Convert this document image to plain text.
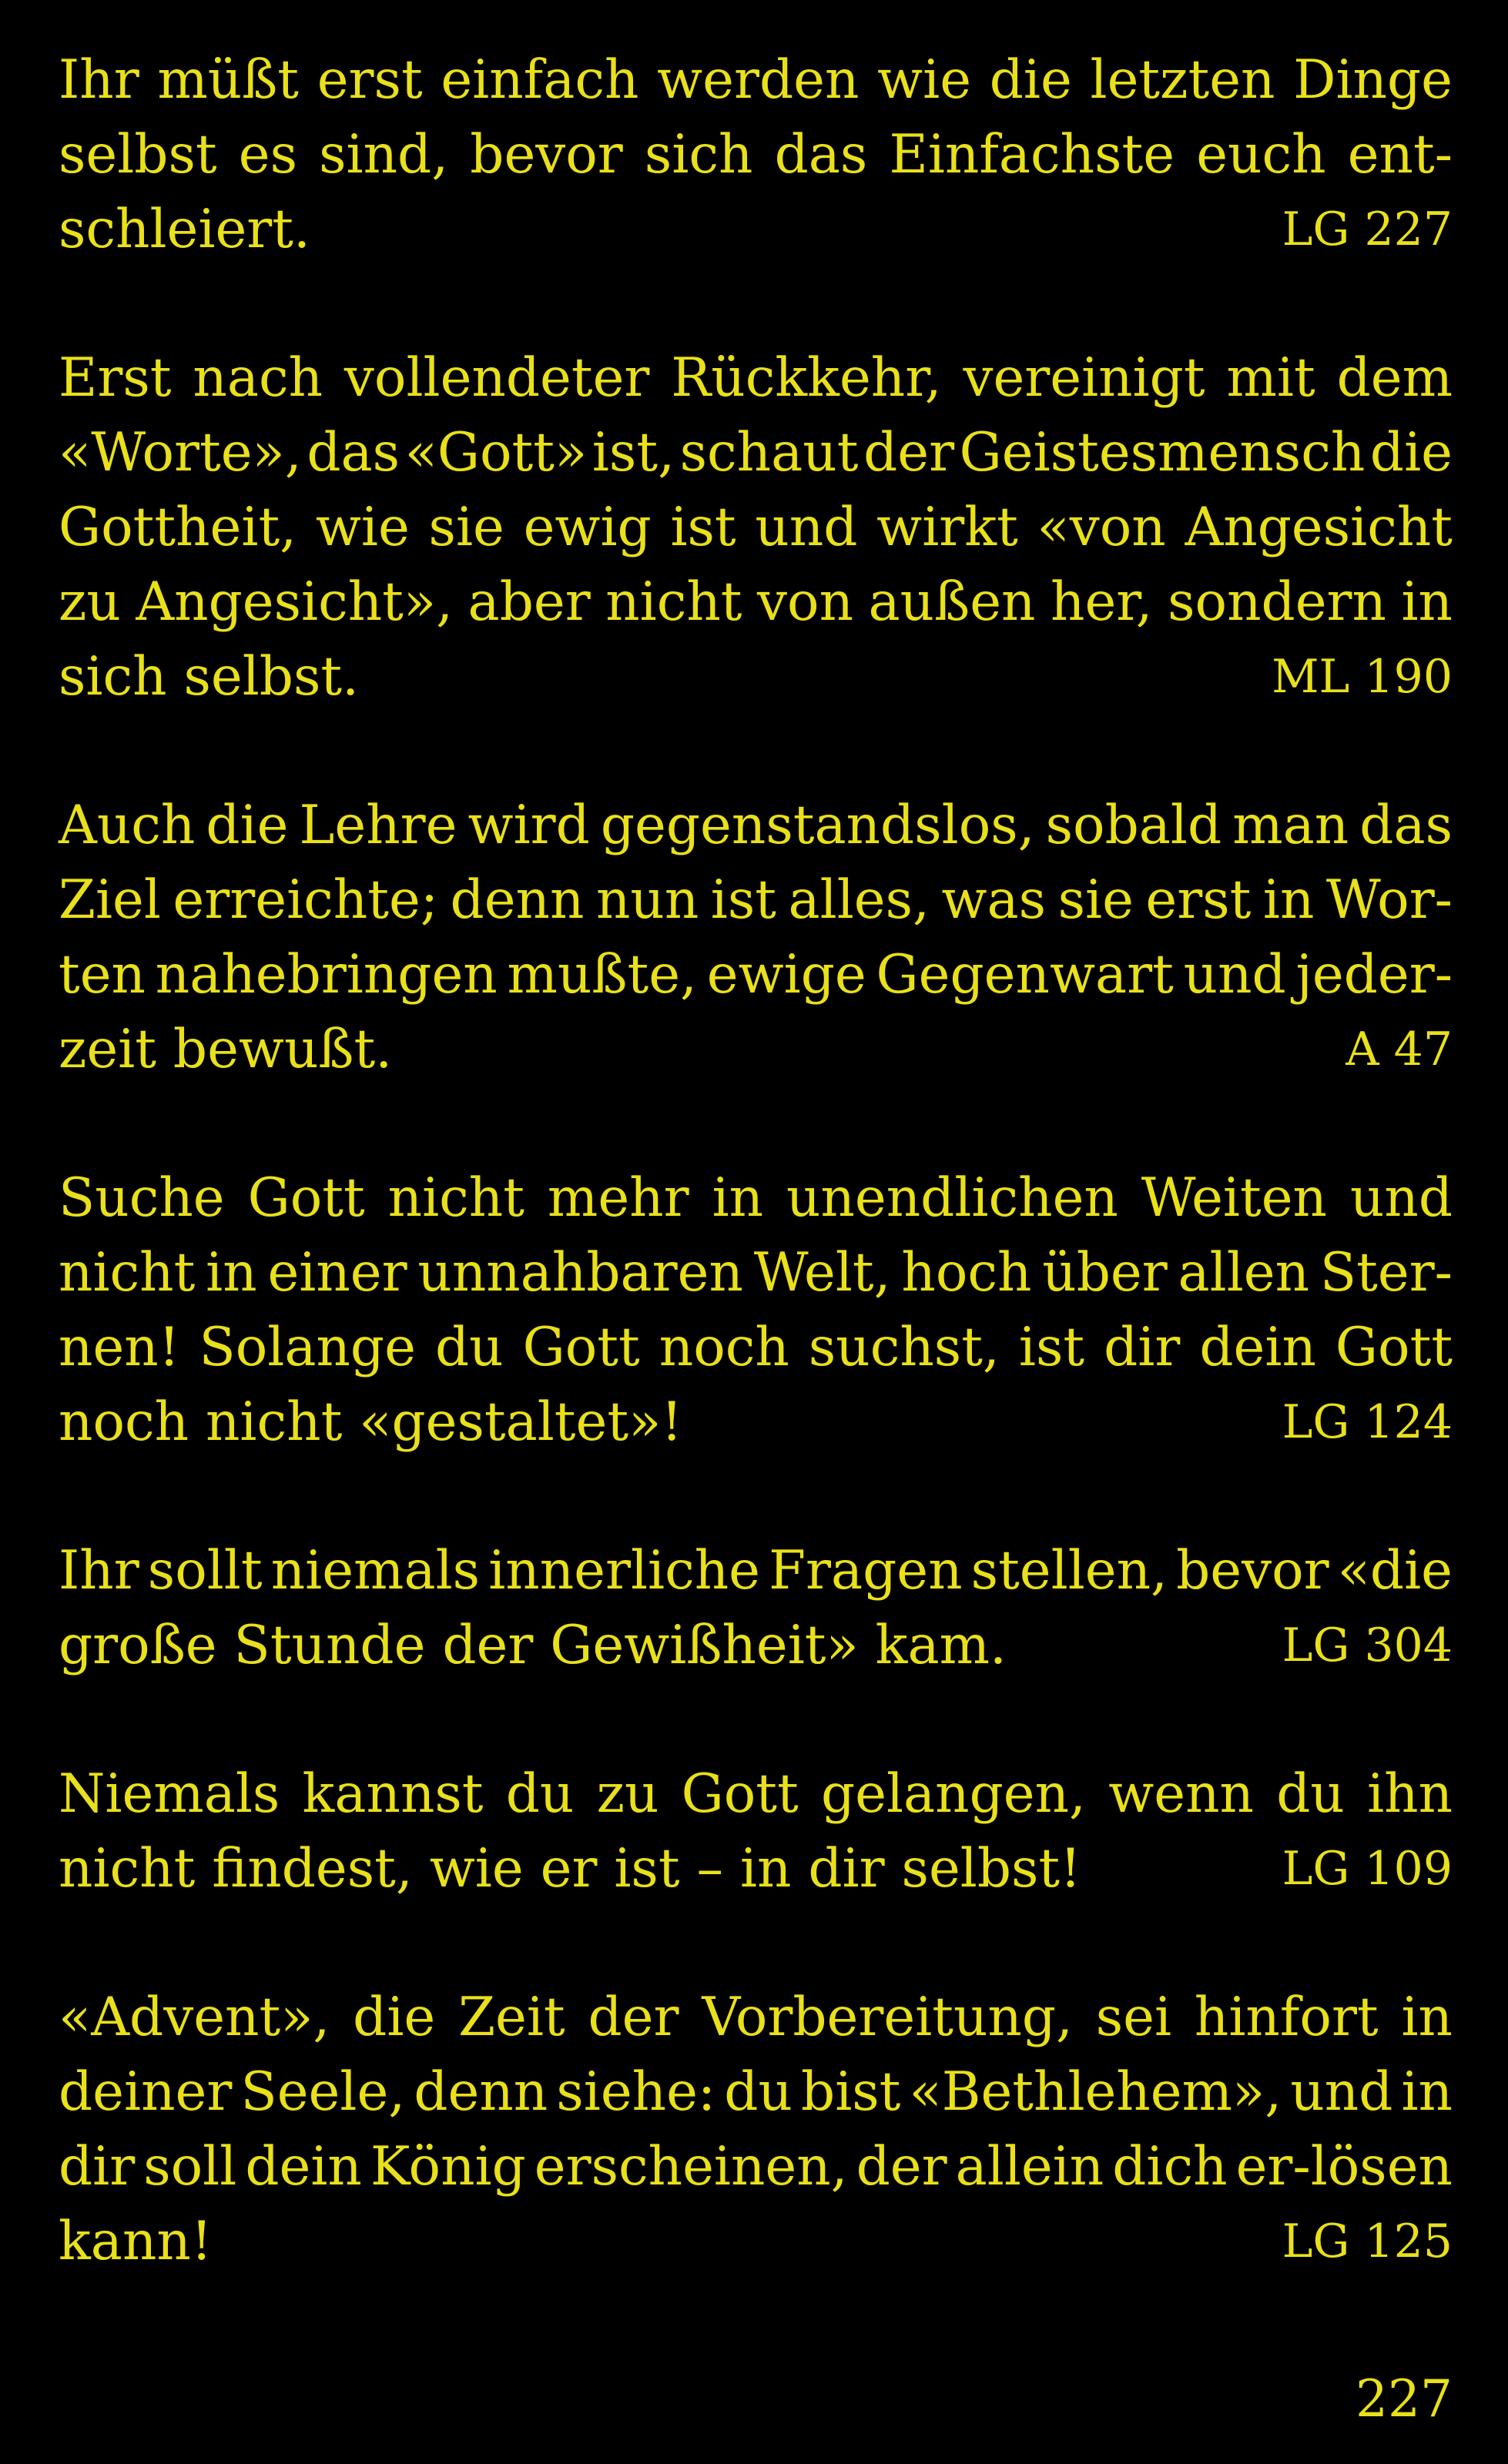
Ihr müßt erst einfach werden wie die letzten Dinge
selbst es sind, bevor sich das Einfachste euch ent-
schleiert.	LG 227
Erst nach vollendeter Rückkehr, vereinigt mit dem
«Worte», das «Gott» ist, schaut der Geistesmensch die
Gottheit, wie sie ewig ist und wirkt «von Angesicht
zu Angesicht», aber nicht von außen her, sondern in
sich selbst.	ML 190
Auch die Lehre wird gegenstandslos, sobald man das
Ziel erreichte; denn nun ist alles, was sie erst in Wor-
ten nahebringen mußte, ewige Gegenwart und jeder-
zeit bewußt.	A 47
Suche Gott nicht mehr in unendlichen Weiten und
nicht in einer unnahbaren Welt, hoch über allen Ster-
nen! Solange du Gott noch suchst, ist dir dein Gott
noch nicht «gestaltet»!	LG 124
Ihr sollt niemals innerliche Fragen stellen, bevor «die
große Stunde der Gewißheit» kam.	LG 304
Niemals kannst du zu Gott gelangen, wenn du ihn
nicht findest, wie er ist – in dir selbst!	LG 109
«Advent», die Zeit der Vorbereitung, sei hinfort in
deiner Seele, denn siehe: du bist «Bethlehem», und in
dir soll dein König erscheinen, der allein dich er-lösen
kann!	LG 125
227
